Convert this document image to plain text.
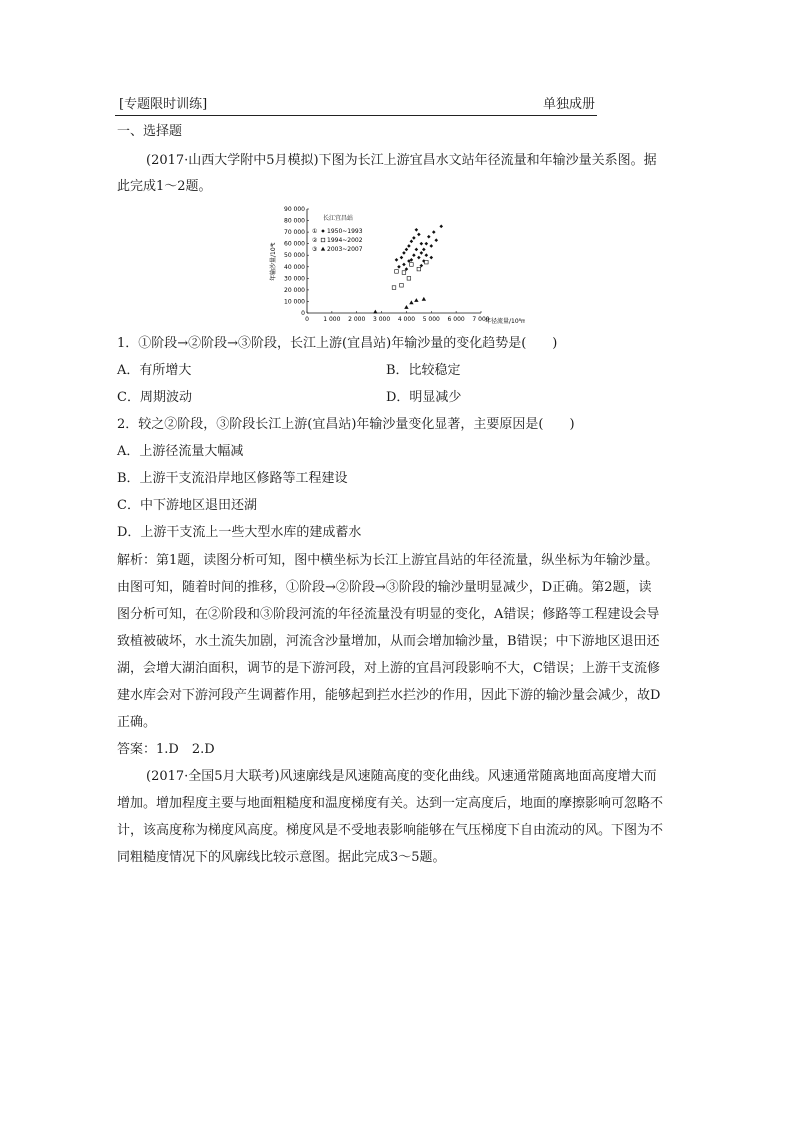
[专题限时训练]	单独成册
一、选择题
(2017·山西大学附中5月模拟)下图为长江上游宜昌水文站年径流量和年输沙量关系图。据
此完成1～2题。
0 1 000 2 000 3 000 4 000 5 000 6 000 7 000
0
10 000
20 000
30 000
40 000
50 000
60 000
70 000
80 000
90 000
长江宜昌站
① 1950~1993
② 1994~2002
③ 2003~2007
年输沙量/10⁴t
年径流量/10⁸m³
1．①阶段→②阶段→③阶段，长江上游(宜昌站)年输沙量的变化趋势是(　　)
A．有所增大	B．比较稳定
C．周期波动	D．明显减少
2．较之②阶段，③阶段长江上游(宜昌站)年输沙量变化显著，主要原因是(　　)
A．上游径流量大幅减
B．上游干支流沿岸地区修路等工程建设
C．中下游地区退田还湖
D．上游干支流上一些大型水库的建成蓄水
解析：第1题，读图分析可知，图中横坐标为长江上游宜昌站的年径流量，纵坐标为年输沙量。
由图可知，随着时间的推移，①阶段→②阶段→③阶段的输沙量明显减少，D正确。第2题，读
图分析可知，在②阶段和③阶段河流的年径流量没有明显的变化，A错误；修路等工程建设会导
致植被破坏，水土流失加剧，河流含沙量增加，从而会增加输沙量，B错误；中下游地区退田还
湖，会增大湖泊面积，调节的是下游河段，对上游的宜昌河段影响不大，C错误；上游干支流修
建水库会对下游河段产生调蓄作用，能够起到拦水拦沙的作用，因此下游的输沙量会减少，故D
正确。
答案：1.D　2.D
(2017·全国5月大联考)风速廓线是风速随高度的变化曲线。风速通常随离地面高度增大而
增加。增加程度主要与地面粗糙度和温度梯度有关。达到一定高度后，地面的摩擦影响可忽略不
计，该高度称为梯度风高度。梯度风是不受地表影响能够在气压梯度下自由流动的风。下图为不
同粗糙度情况下的风廓线比较示意图。据此完成3～5题。
